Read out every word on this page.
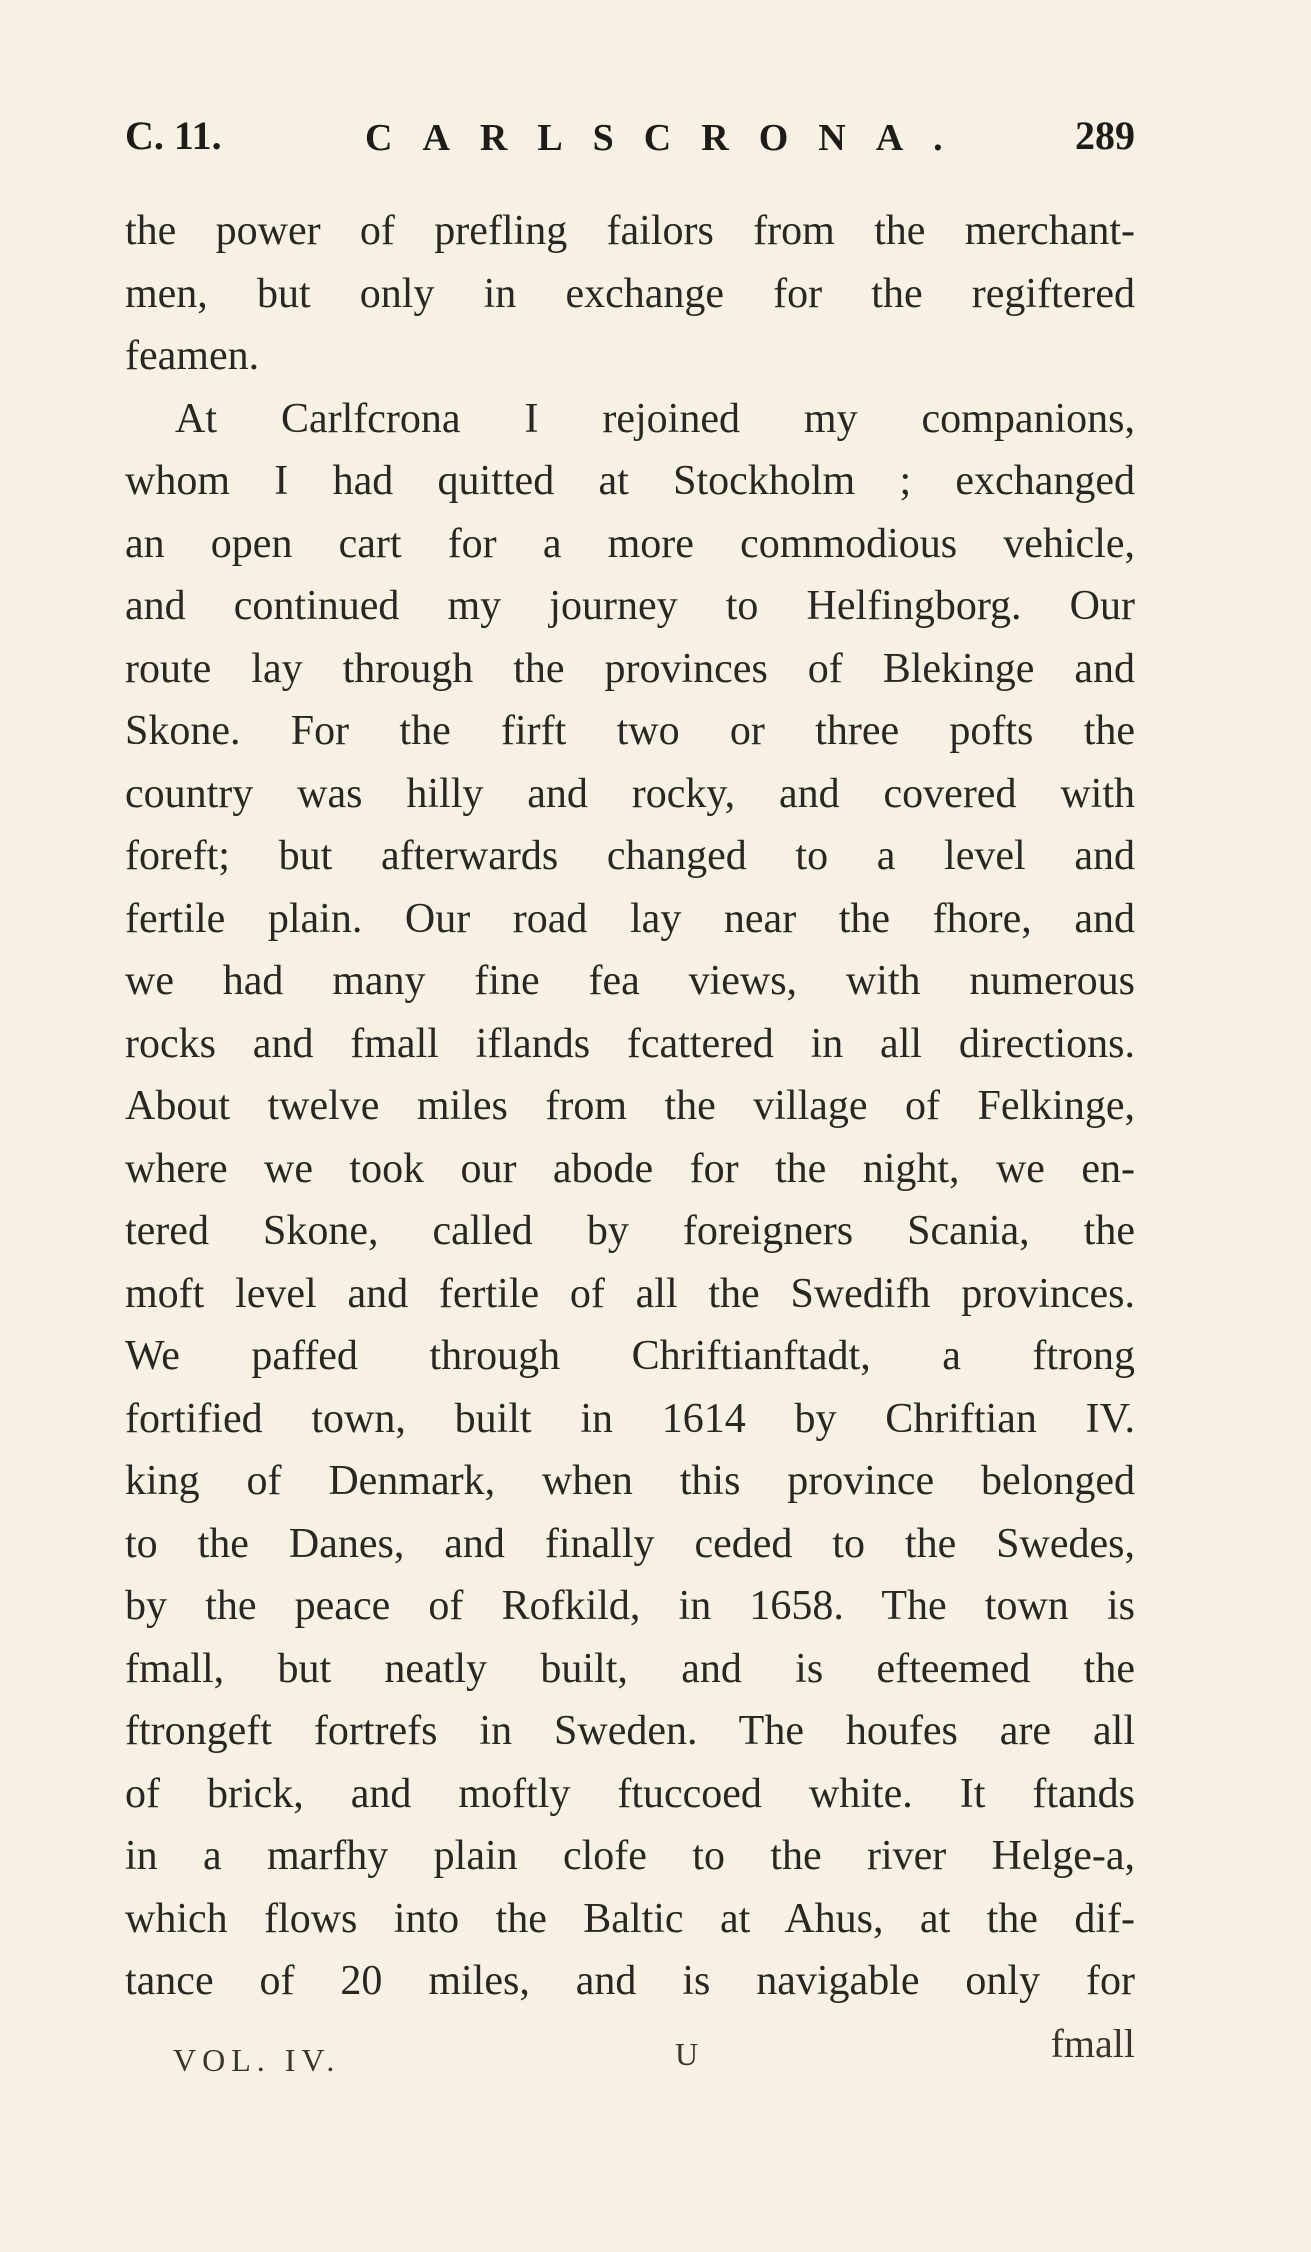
C. 11.	CARLSCRONA.	289
the power of prefling failors from the merchant-
men, but only in exchange for the regiftered
feamen.
At Carlfcrona I rejoined my companions,
whom I had quitted at Stockholm ; exchanged
an open cart for a more commodious vehicle,
and continued my journey to Helfingborg. Our
route lay through the provinces of Blekinge and
Skone. For the firft two or three pofts the
country was hilly and rocky, and covered with
foreft; but afterwards changed to a level and
fertile plain. Our road lay near the fhore, and
we had many fine fea views, with numerous
rocks and fmall iflands fcattered in all directions.
About twelve miles from the village of Felkinge,
where we took our abode for the night, we en-
tered Skone, called by foreigners Scania, the
moft level and fertile of all the Swedifh provinces.
We paffed through Chriftianftadt, a ftrong
fortified town, built in 1614 by Chriftian IV.
king of Denmark, when this province belonged
to the Danes, and finally ceded to the Swedes,
by the peace of Rofkild, in 1658. The town is
fmall, but neatly built, and is efteemed the
ftrongeft fortrefs in Sweden. The houfes are all
of brick, and moftly ftuccoed white. It ftands
in a marfhy plain clofe to the river Helge-a,
which flows into the Baltic at Ahus, at the dif-
tance of 20 miles, and is navigable only for
VOL. IV.	U	fmall
